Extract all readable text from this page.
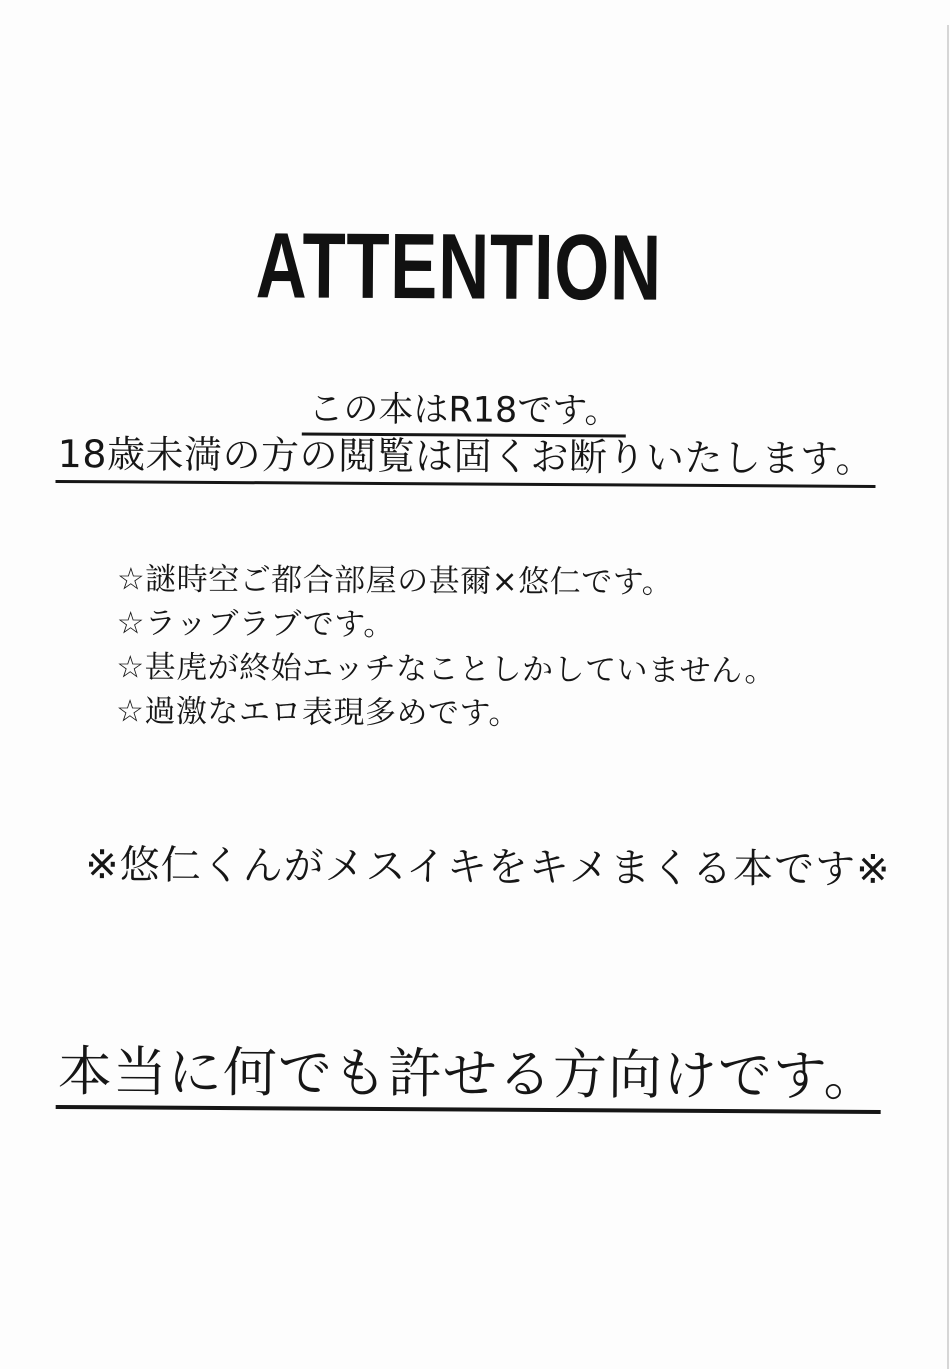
ATTENTION
この本はR18です。
18歳未満の方の閲覧は固くお断りいたします。
☆謎時空ご都合部屋の甚爾×悠仁です。
☆ラッブラブです。
☆甚虎が終始エッチなことしかしていません。
☆過激なエロ表現多めです。
※悠仁くんがメスイキをキメまくる本です※
本当に何でも許せる方向けです。
